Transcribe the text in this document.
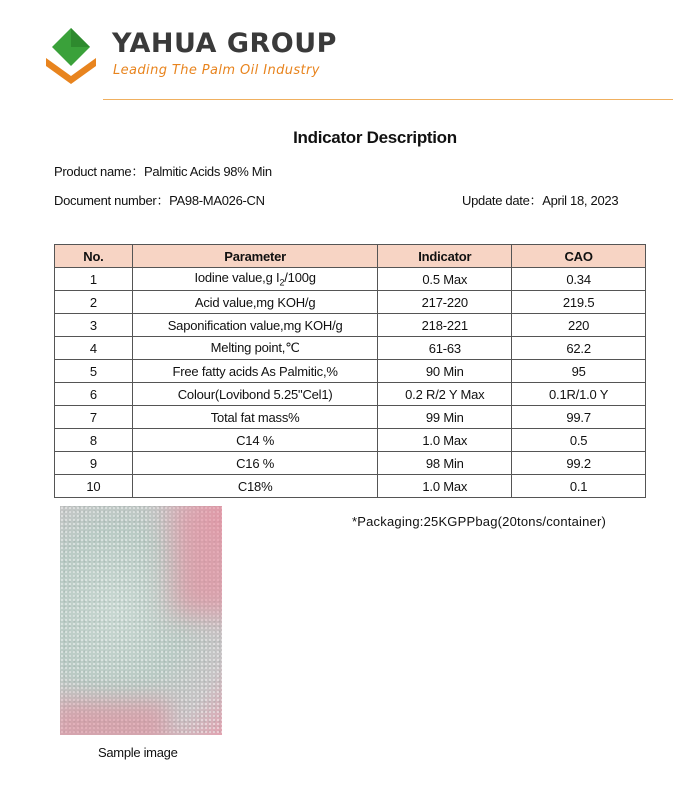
YAHUA GROUP
Leading The Palm Oil Industry
Indicator Description
Product name：Palmitic Acids 98% Min
Document number：PA98-MA026-CN	Update date：April 18, 2023
No.	Parameter	Indicator	CAO
1	Iodine value,g $I_2/100g$	0.5 Max	0.34
2	Acid value,mg KOH/g	217-220	219.5
3	Saponification value,mg KOH/g	218-221	220
4	Melting point,℃	61-63	62.2
5	Free fatty acids As Palmitic,%	90 Min	95
6	Colour(Lovibond 5.25"Cel1)	0.2 R/2 Y Max	0.1R/1.0 Y
7	Total fat mass%	99 Min	99.7
8	C14 %	1.0 Max	0.5
9	C16 %	98 Min	99.2
10	C18%	1.0 Max	0.1
Sample image
*Packaging:25KGPPbag(20tons/container)
